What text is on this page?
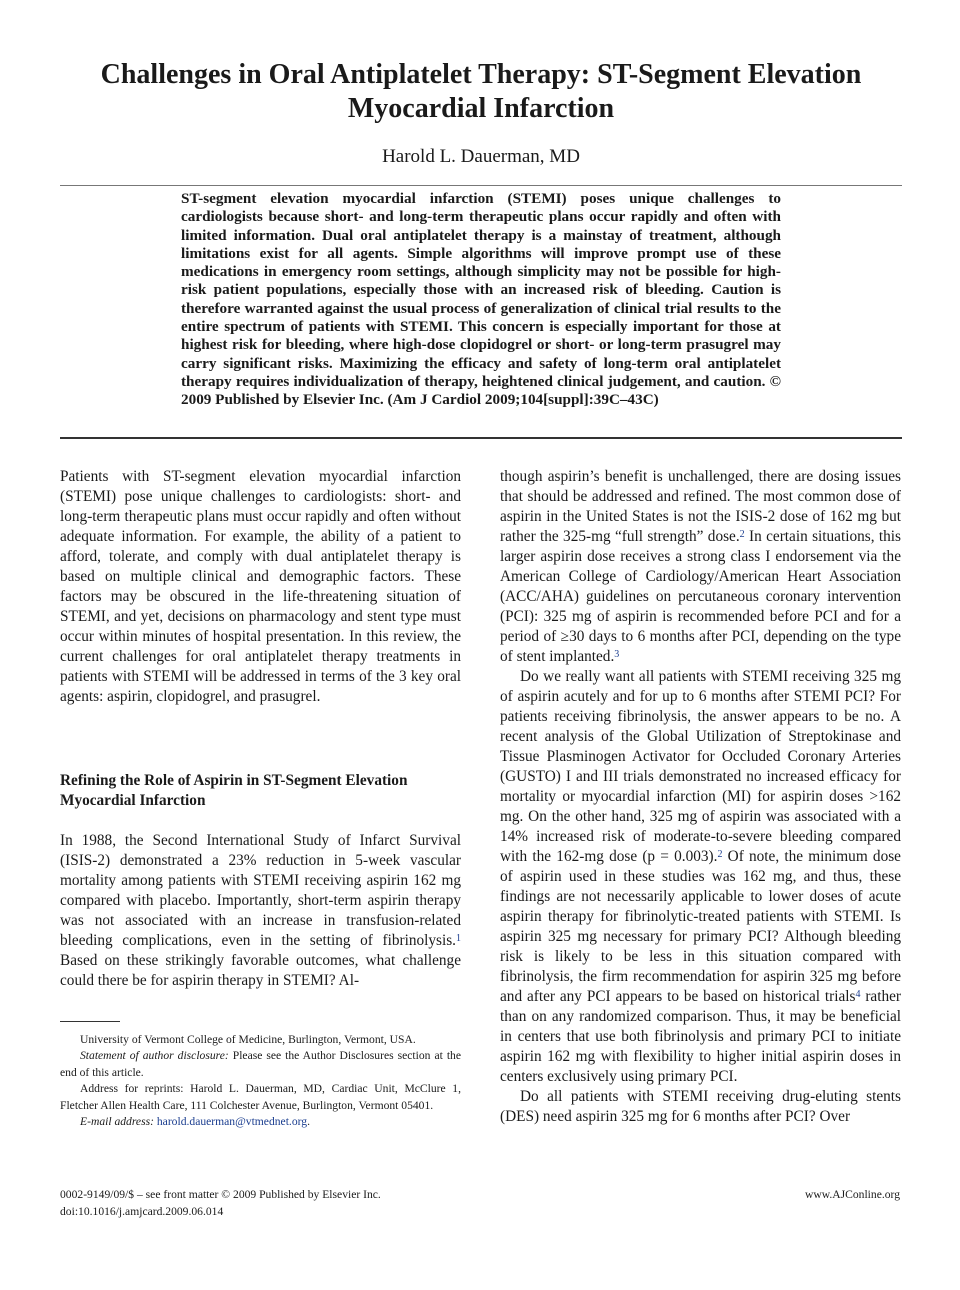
Challenges in Oral Antiplatelet Therapy: ST-Segment Elevation Myocardial Infarction
Harold L. Dauerman, MD

ST-segment elevation myocardial infarction (STEMI) poses unique challenges to cardiologists because short- and long-term therapeutic plans occur rapidly and often with limited information. Dual oral antiplatelet therapy is a mainstay of treatment, although limitations exist for all agents. Simple algorithms will improve prompt use of these medications in emergency room settings, although simplicity may not be possible for high-risk patient populations, especially those with an increased risk of bleeding. Caution is therefore warranted against the usual process of generalization of clinical trial results to the entire spectrum of patients with STEMI. This concern is especially important for those at highest risk for bleeding, where high-dose clopidogrel or short- or long-term prasugrel may carry significant risks. Maximizing the efficacy and safety of long-term oral antiplatelet therapy requires individualization of therapy, heightened clinical judgement, and caution. © 2009 Published by Elsevier Inc. (Am J Cardiol 2009;104[suppl]:39C–43C)

Patients with ST-segment elevation myocardial infarction (STEMI) pose unique challenges to cardiologists: short- and long-term therapeutic plans must occur rapidly and often without adequate information. For example, the ability of a patient to afford, tolerate, and comply with dual antiplatelet therapy is based on multiple clinical and demographic factors. These factors may be obscured in the life-threatening situation of STEMI, and yet, decisions on pharmacology and stent type must occur within minutes of hospital presentation. In this review, the current challenges for oral antiplatelet therapy treatments in patients with STEMI will be addressed in terms of the 3 key oral agents: aspirin, clopidogrel, and prasugrel.

Refining the Role of Aspirin in ST-Segment Elevation Myocardial Infarction

In 1988, the Second International Study of Infarct Survival (ISIS-2) demonstrated a 23% reduction in 5-week vascular mortality among patients with STEMI receiving aspirin 162 mg compared with placebo. Importantly, short-term aspirin therapy was not associated with an increase in transfusion-related bleeding complications, even in the setting of fibrinolysis.$^1$ Based on these strikingly favorable outcomes, what challenge could there be for aspirin therapy in STEMI? Al-

University of Vermont College of Medicine, Burlington, Vermont, USA.

Statement of author disclosure: Please see the Author Disclosures section at the end of this article.

Address for reprints: Harold L. Dauerman, MD, Cardiac Unit, McClure 1, Fletcher Allen Health Care, 111 Colchester Avenue, Burlington, Vermont 05401.

E-mail address: harold.dauerman@vtmednet.org.

though aspirin’s benefit is unchallenged, there are dosing issues that should be addressed and refined. The most common dose of aspirin in the United States is not the ISIS-2 dose of 162 mg but rather the 325-mg “full strength” dose.$^2$ In certain situations, this larger aspirin dose receives a strong class I endorsement via the American College of Cardiology/American Heart Association (ACC/AHA) guidelines on percutaneous coronary intervention (PCI): 325 mg of aspirin is recommended before PCI and for a period of ≥30 days to 6 months after PCI, depending on the type of stent implanted.$^3$

Do we really want all patients with STEMI receiving 325 mg of aspirin acutely and for up to 6 months after STEMI PCI? For patients receiving fibrinolysis, the answer appears to be no. A recent analysis of the Global Utilization of Streptokinase and Tissue Plasminogen Activator for Occluded Coronary Arteries (GUSTO) I and III trials demonstrated no increased efficacy for mortality or myocardial infarction (MI) for aspirin doses >162 mg. On the other hand, 325 mg of aspirin was associated with a 14% increased risk of moderate-to-severe bleeding compared with the 162-mg dose (p = 0.003).$^2$ Of note, the minimum dose of aspirin used in these studies was 162 mg, and thus, these findings are not necessarily applicable to lower doses of acute aspirin therapy for fibrinolytic-treated patients with STEMI. Is aspirin 325 mg necessary for primary PCI? Although bleeding risk is likely to be less in this situation compared with fibrinolysis, the firm recommendation for aspirin 325 mg before and after any PCI appears to be based on historical trials$^4$ rather than on any randomized comparison. Thus, it may be beneficial in centers that use both fibrinolysis and primary PCI to initiate aspirin 162 mg with flexibility to higher initial aspirin doses in centers exclusively using primary PCI.

Do all patients with STEMI receiving drug-eluting stents (DES) need aspirin 325 mg for 6 months after PCI? Over

0002-9149/09/$ – see front matter © 2009 Published by Elsevier Inc.
doi:10.1016/j.amjcard.2009.06.014
www.AJConline.org
